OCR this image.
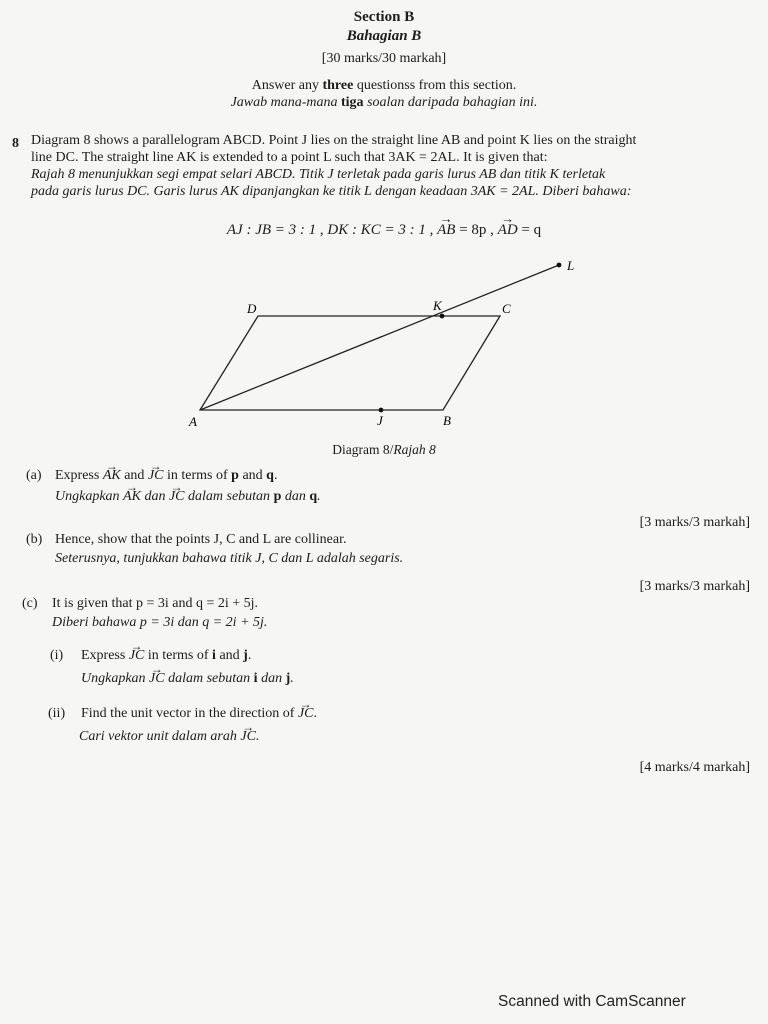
Section B
Bahagian B
[30 marks/30 markah]
Answer any three questionss from this section.
Jawab mana-mana tiga soalan daripada bahagian ini.
8 Diagram 8 shows a parallelogram ABCD. Point J lies on the straight line AB and point K lies on the straight
line DC. The straight line AK is extended to a point L such that 3AK = 2AL. It is given that:
Rajah 8 menunjukkan segi empat selari ABCD. Titik J terletak pada garis lurus AB dan titik K terletak
pada garis lurus DC. Garis lurus AK dipanjangkan ke titik L dengan keadaan 3AK = 2AL. Diberi bahawa:
AJ : JB = 3 : 1 , DK : KC = 3 : 1 , → AB = 8p , → AD = q
A	B
C
D
J
K
L
Diagram 8/Rajah 8
(a) Express → AK and → JC in terms of p and q.
Ungkapkan → AK dan → JC dalam sebutan p dan q.
[3 marks/3 markah]
(b) Hence, show that the points J, C and L are collinear.
Seterusnya, tunjukkan bahawa titik J, C dan L adalah segaris.
[3 marks/3 markah]
(c) It is given that p = 3i and q = 2i + 5j.
Diberi bahawa p = 3i dan q = 2i + 5j.
(i) Express → JC in terms of i and j.
Ungkapkan → JC dalam sebutan i dan j.
(ii) Find the unit vector in the direction of → JC.
Cari vektor unit dalam arah → JC.
[4 marks/4 markah]
Scanned with CamScanner
